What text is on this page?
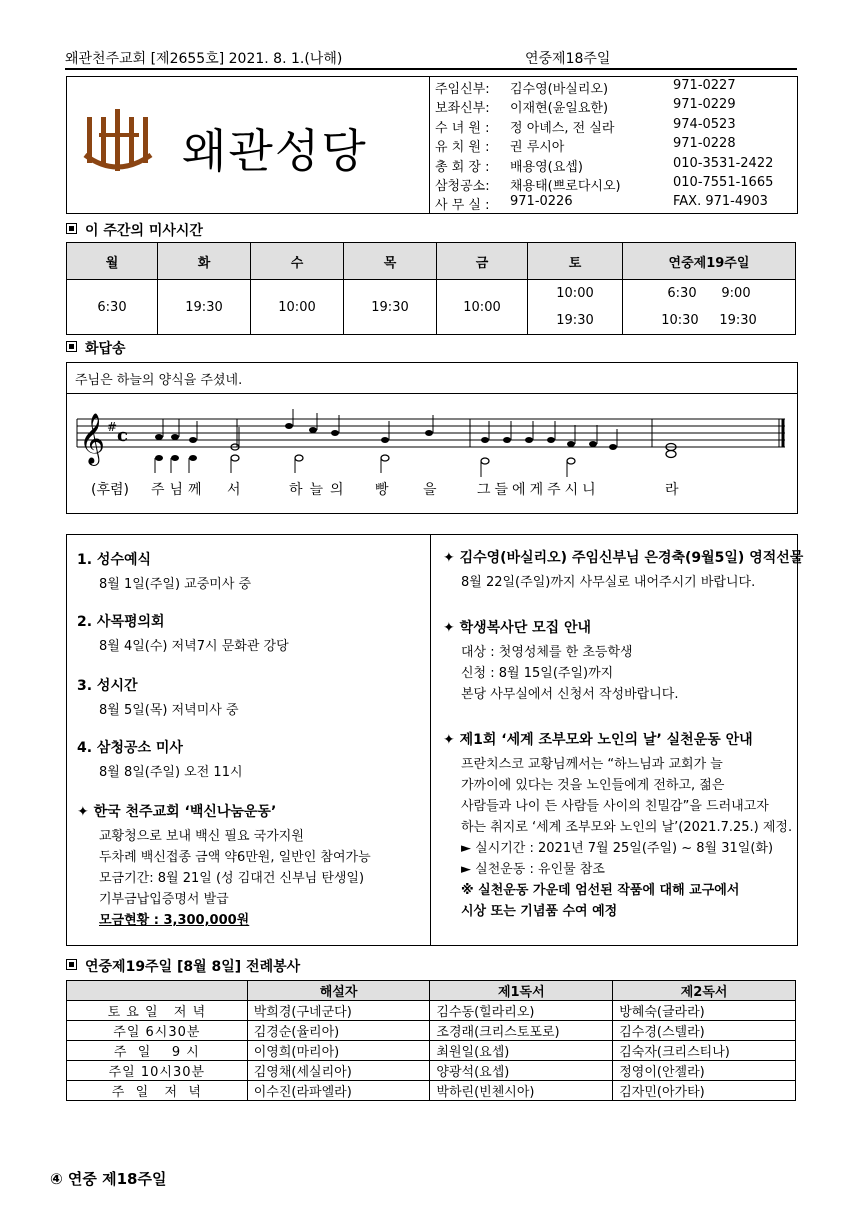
왜관천주교회 [제2655호] 2021. 8. 1.(나해)	연중제18주일
왜관성당
주임신부:	김수영(바실리오)	971-0227
보좌신부:	이재현(윤일요한)	971-0229
수 녀 원 :	정 아녜스, 전 실라	974-0523
유 치 원 :	권 루시아	971-0228
총 회 장 :	배용영(요셉)	010-3531-2422
삼청공소:	채용태(쁘로다시오)	010-7551-1665
사 무 실 :	971-0226	FAX. 971-4903
이 주간의 미사시간
월	화	수	목	금	토	연중제19주일
6:30	19:30	10:00	19:30	10:00	10:00	6:30      9:00
					19:30	10:30     19:30
화답송
주님은 하늘의 양식을 주셨네.
𝄞 # c
(후렴) 주님께 서	하늘의 빵 을	그들에게주시니	라
1. 성수예식
8월 1일(주일) 교중미사 중
2. 사목평의회
8월 4일(수) 저녁7시 문화관 강당
3. 성시간
8월 5일(목) 저녁미사 중
4. 삼청공소 미사
8월 8일(주일) 오전 11시
✦ 한국 천주교회 ‘백신나눔운동’
교황청으로 보내 백신 필요 국가지원
두차례 백신접종 금액 약6만원, 일반인 참여가능
모금기간: 8월 21일 (성 김대건 신부님 탄생일)
기부금납입증명서 발급
모금현황 : 3,300,000원
✦ 김수영(바실리오) 주임신부님 은경축(9월5일) 영적선물
8월 22일(주일)까지 사무실로 내어주시기 바랍니다.
✦ 학생복사단 모집 안내
대상 : 첫영성체를 한 초등학생
신청 : 8월 15일(주일)까지
본당 사무실에서 신청서 작성바랍니다.
✦ 제1회 ‘세계 조부모와 노인의 날’ 실천운동 안내
프란치스코 교황님께서는 “하느님과 교회가 늘
가까이에 있다는 것을 노인들에게 전하고, 젊은
사람들과 나이 든 사람들 사이의 친밀감”을 드러내고자
하는 취지로 ‘세계 조부모와 노인의 날’(2021.7.25.) 제정.
► 실시기간 : 2021년 7월 25일(주일) ~ 8월 31일(화)
► 실천운동 : 유인물 참조
※ 실천운동 가운데 엄선된 작품에 대해 교구에서
시상 또는 기념품 수여 예정
연중제19주일 [8월 8일] 전례봉사
	해설자	제1독서	제2독서
토 요 일   저 녁	박희경(구네군다)	김수동(힐라리오)	방혜숙(글라라)
주일 6시30분	김경순(율리아)	조경래(크리스토포로)	김수경(스텔라)
주  일    9 시	이영희(마리아)	최원일(요셉)	김숙자(크리스티나)
주일 10시30분	김영채(세실리아)	양광석(요셉)	정영이(안젤라)
주  일   저  녁	이수진(라파엘라)	박하린(빈첸시아)	김자민(아가타)
④ 연중 제18주일
